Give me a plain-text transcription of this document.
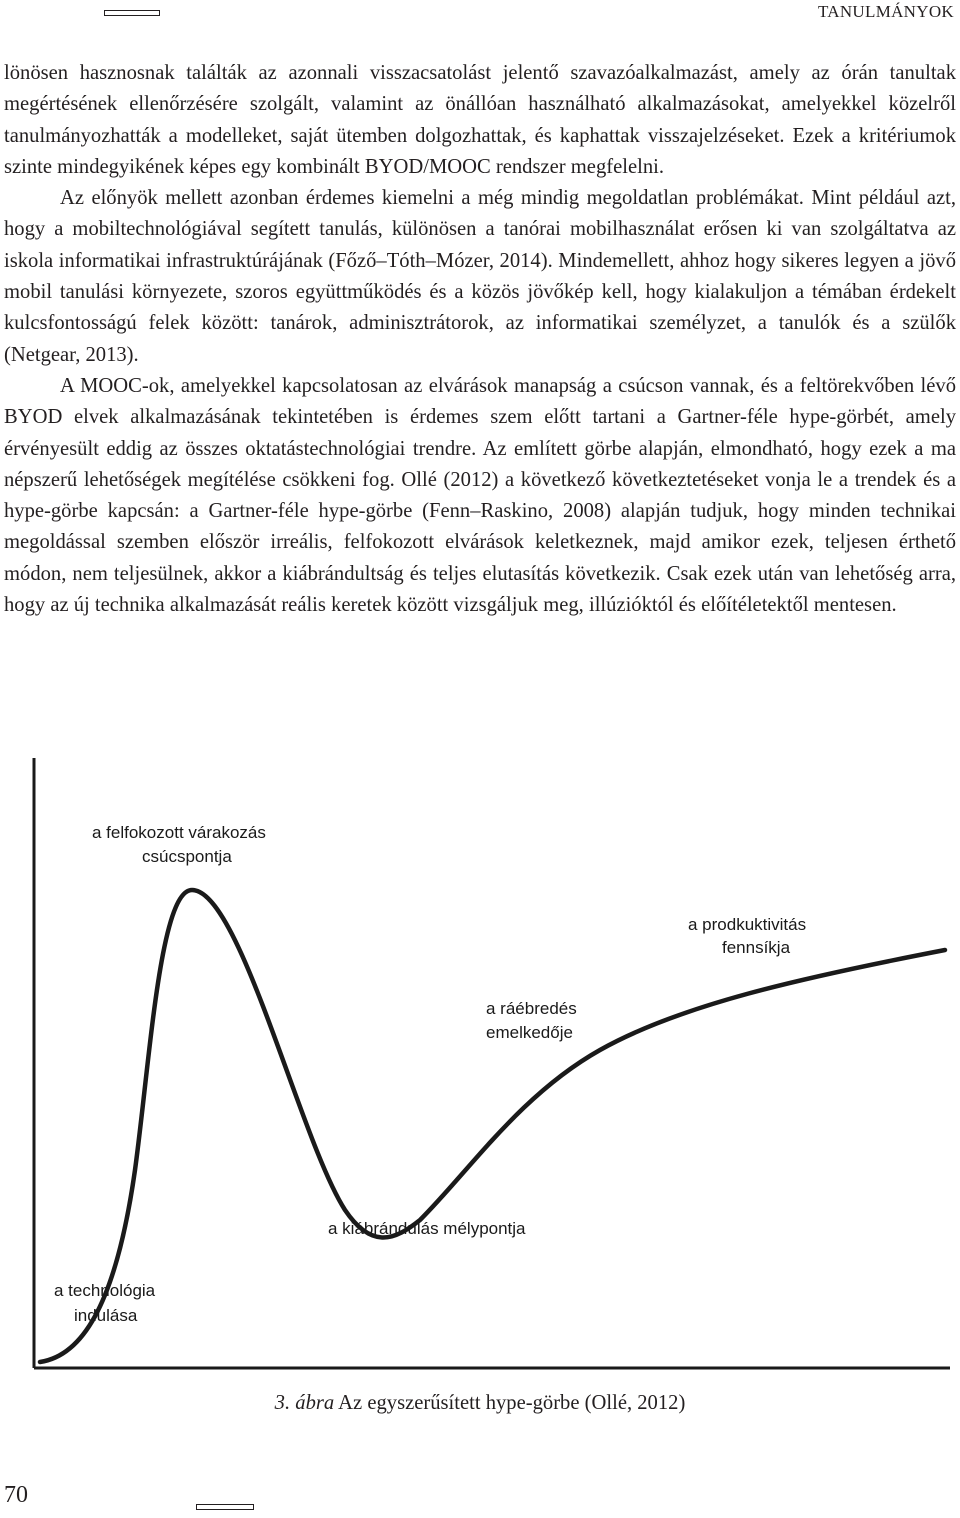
TANULMÁNYOK

lönösen hasznosnak találták az azonnali visszacsatolást jelentő szavazóalkalmazást, amely az órán tanultak megértésének ellenőrzésére szolgált, valamint az önállóan használható alkalmazásokat, amelyekkel közelről tanulmányozhatták a modelleket, saját ütemben dolgozhattak, és kaphattak visszajelzéseket. Ezek a kritériumok szinte mindegyikének képes egy kombinált BYOD/MOOC rendszer megfelelni.

Az előnyök mellett azonban érdemes kiemelni a még mindig megoldatlan problémákat. Mint például azt, hogy a mobiltechnológiával segített tanulás, különösen a tanórai mobilhasználat erősen ki van szolgáltatva az iskola informatikai infrastruktúrájának (Főző–Tóth–Mózer, 2014). Mindemellett, ahhoz hogy sikeres legyen a jövő mobil tanulási környezete, szoros együttműködés és a közös jövőkép kell, hogy kialakuljon a témában érdekelt kulcsfontosságú felek között: tanárok, adminisztrátorok, az informatikai személyzet, a tanulók és a szülők (Netgear, 2013).

A MOOC-ok, amelyekkel kapcsolatosan az elvárások manapság a csúcson vannak, és a feltörekvőben lévő BYOD elvek alkalmazásának tekintetében is érdemes szem előtt tartani a Gartner-féle hype-görbét, amely érvényesült eddig az összes oktatástechnológiai trendre. Az említett görbe alapján, elmondható, hogy ezek a ma népszerű lehetőségek megítélése csökkeni fog. Ollé (2012) a következő következtetéseket vonja le a trendek és a hype-görbe kapcsán: a Gartner-féle hype-görbe (Fenn–Raskino, 2008) alapján tudjuk, hogy minden technikai megoldással szemben először irreális, felfokozott elvárások keletkeznek, majd amikor ezek, teljesen érthető módon, nem teljesülnek, akkor a kiábrándultság és teljes elutasítás következik. Csak ezek után van lehetőség arra, hogy az új technika alkalmazását reális keretek között vizsgáljuk meg, illúzióktól és előítéletektől mentesen.

a felfokozott várakozás
csúcspontja
a prodkuktivitás
fennsíkja
a ráébredés
emelkedője
a kiábrándulás mélypontja
a technológia
indulása
3. ábra Az egyszerűsített hype-görbe (Ollé, 2012)
70
